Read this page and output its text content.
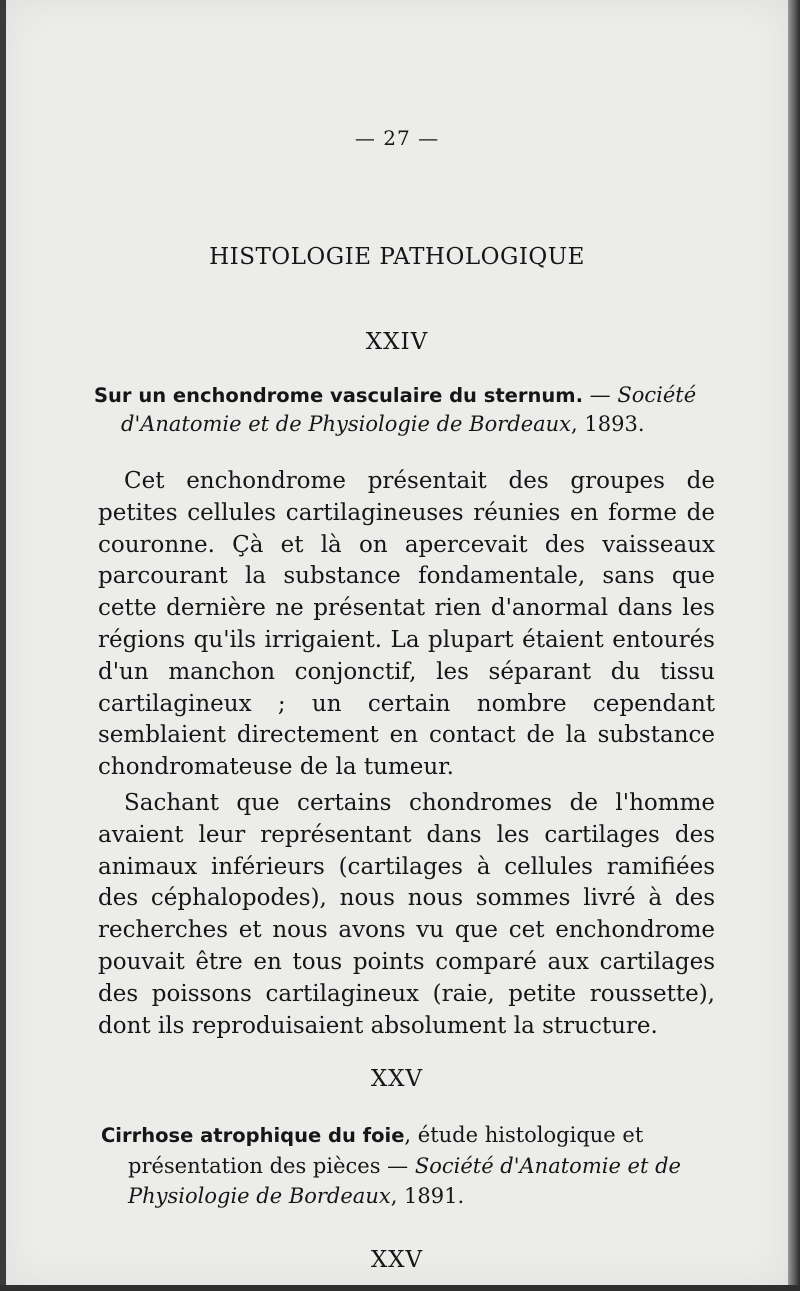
— 27 —
HISTOLOGIE PATHOLOGIQUE
XXIV
Sur un enchondrome vasculaire du sternum. — Société
d'Anatomie et de Physiologie de Bordeaux, 1893.

Cet enchondrome présentait des groupes de petites cellules cartilagineuses réunies en forme de couronne. Çà et là on apercevait des vaisseaux parcourant la substance fondamentale, sans que cette dernière ne présentat rien d'anormal dans les régions qu'ils irrigaient. La plupart étaient entourés d'un manchon conjonctif, les séparant du tissu cartilagineux ; un certain nombre cependant semblaient directement en contact de la substance chondromateuse de la tumeur.

Sachant que certains chondromes de l'homme avaient leur représentant dans les cartilages des animaux inférieurs (cartilages à cellules ramifiées des céphalopodes), nous nous sommes livré à des recherches et nous avons vu que cet enchondrome pouvait être en tous points comparé aux cartilages des poissons cartilagineux (raie, petite roussette), dont ils reproduisaient absolument la structure.

XXV
Cirrhose atrophique du foie, étude histologique et
présentation des pièces — Société d'Anatomie et de
Physiologie de Bordeaux, 1891.
XXV
